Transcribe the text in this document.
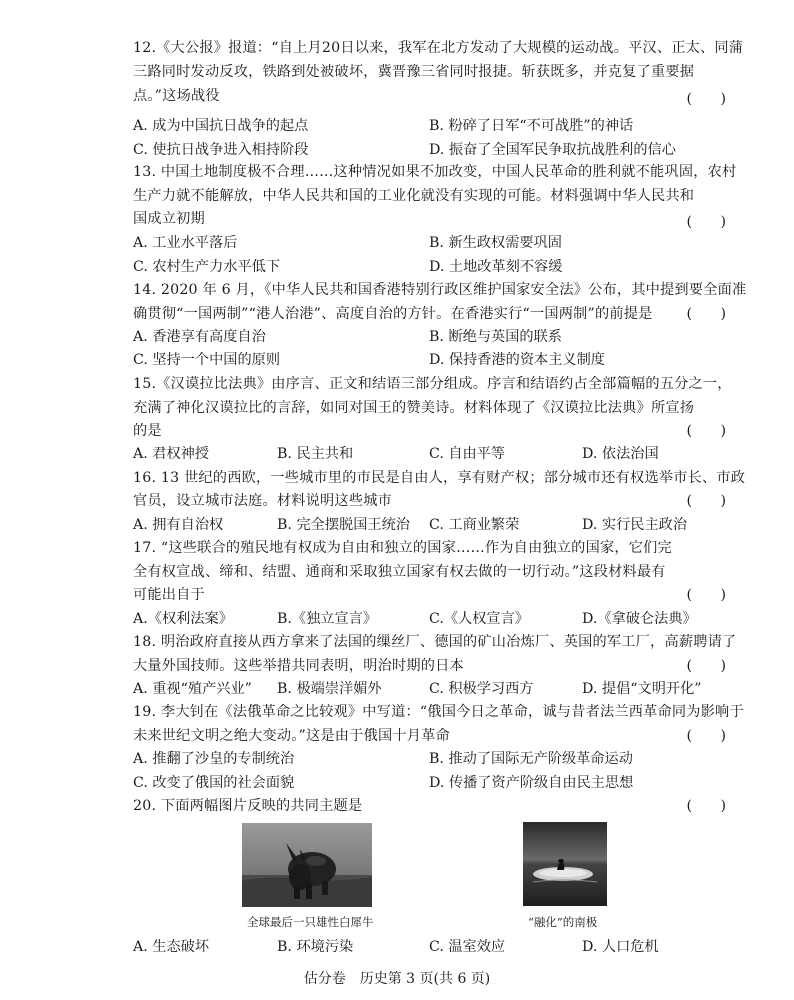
12.《大公报》报道：“自上月20日以来，我军在北方发动了大规模的运动战。平汉、正太、同蒲
三路同时发动反攻，铁路到处被破坏，冀晋豫三省同时报捷。斩获既多，并克复了重要据
点。”这场战役	(　　)
A. 成为中国抗日战争的起点	B. 粉碎了日军“不可战胜”的神话
C. 使抗日战争进入相持阶段	D. 振奋了全国军民争取抗战胜利的信心
13. 中国土地制度极不合理……这种情况如果不加改变，中国人民革命的胜利就不能巩固，农村
生产力就不能解放，中华人民共和国的工业化就没有实现的可能。材料强调中华人民共和
国成立初期	(　　)
A. 工业水平落后	B. 新生政权需要巩固
C. 农村生产力水平低下	D. 土地改革刻不容缓
14. 2020 年 6 月，《中华人民共和国香港特别行政区维护国家安全法》公布，其中提到要全面准
确贯彻“一国两制”“港人治港”、高度自治的方针。在香港实行“一国两制”的前提是 (　　)
A. 香港享有高度自治	B. 断绝与英国的联系
C. 坚持一个中国的原则	D. 保持香港的资本主义制度
15.《汉谟拉比法典》由序言、正文和结语三部分组成。序言和结语约占全部篇幅的五分之一，
充满了神化汉谟拉比的言辞，如同对国王的赞美诗。材料体现了《汉谟拉比法典》所宣扬
的是	(　　)
A. 君权神授	B. 民主共和	C. 自由平等	D. 依法治国
16. 13 世纪的西欧，一些城市里的市民是自由人，享有财产权；部分城市还有权选举市长、市政
官员，设立城市法庭。材料说明这些城市	(　　)
A. 拥有自治权	B. 完全摆脱国王统治 C. 工商业繁荣	D. 实行民主政治
17. “这些联合的殖民地有权成为自由和独立的国家……作为自由独立的国家，它们完
全有权宣战、缔和、结盟、通商和采取独立国家有权去做的一切行动。”这段材料最有
可能出自于	(　　)
A.《权利法案》	B.《独立宣言》	C.《人权宣言》	D.《拿破仑法典》
18. 明治政府直接从西方拿来了法国的缫丝厂、德国的矿山冶炼厂、英国的军工厂，高薪聘请了
大量外国技师。这些举措共同表明，明治时期的日本	(　　)
A. 重视“殖产兴业” B. 极端崇洋媚外	C. 积极学习西方	D. 提倡“文明开化”
19. 李大钊在《法俄革命之比较观》中写道：“俄国今日之革命，诚与昔者法兰西革命同为影响于
未来世纪文明之绝大变动。”这是由于俄国十月革命	(　　)
A. 推翻了沙皇的专制统治	B. 推动了国际无产阶级革命运动
C. 改变了俄国的社会面貌	D. 传播了资产阶级自由民主思想
20. 下面两幅图片反映的共同主题是	(　　)
全球最后一只雄性白犀牛	“融化”的南极
A. 生态破坏	B. 环境污染	C. 温室效应	D. 人口危机
估分卷　历史第 3 页(共 6 页)
